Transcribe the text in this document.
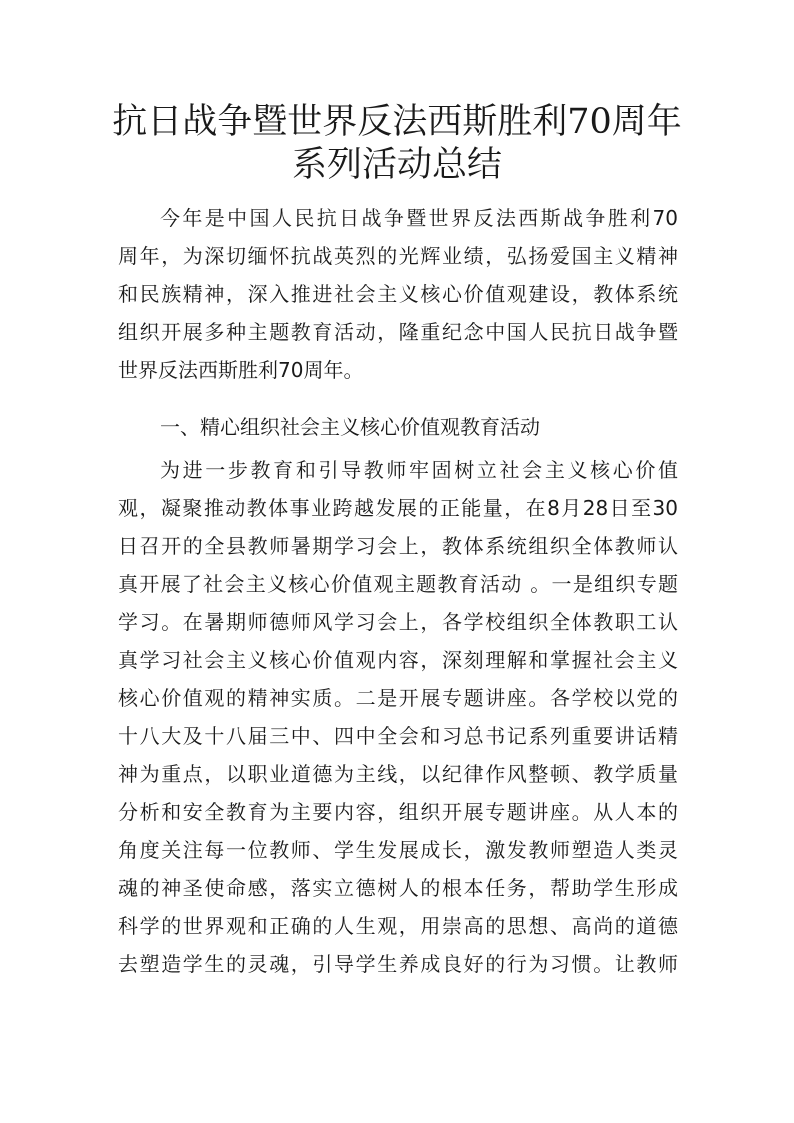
抗日战争暨世界反法西斯胜利70周年
系列活动总结
今年是中国人民抗日战争暨世界反法西斯战争胜利70
周年，为深切缅怀抗战英烈的光辉业绩，弘扬爱国主义精神
和民族精神，深入推进社会主义核心价值观建设，教体系统
组织开展多种主题教育活动，隆重纪念中国人民抗日战争暨
世界反法西斯胜利70周年。
一、精心组织社会主义核心价值观教育活动
为进一步教育和引导教师牢固树立社会主义核心价值
观，凝聚推动教体事业跨越发展的正能量，在8月28日至30
日召开的全县教师暑期学习会上，教体系统组织全体教师认
真开展了社会主义核心价值观主题教育活动 。一是组织专题
学习。在暑期师德师风学习会上，各学校组织全体教职工认
真学习社会主义核心价值观内容，深刻理解和掌握社会主义
核心价值观的精神实质。二是开展专题讲座。各学校以党的
十八大及十八届三中、四中全会和习总书记系列重要讲话精
神为重点，以职业道德为主线，以纪律作风整顿、教学质量
分析和安全教育为主要内容，组织开展专题讲座。从人本的
角度关注每一位教师、学生发展成长，激发教师塑造人类灵
魂的神圣使命感，落实立德树人的根本任务，帮助学生形成
科学的世界观和正确的人生观，用崇高的思想、高尚的道德
去塑造学生的灵魂，引导学生养成良好的行为习惯。让教师
